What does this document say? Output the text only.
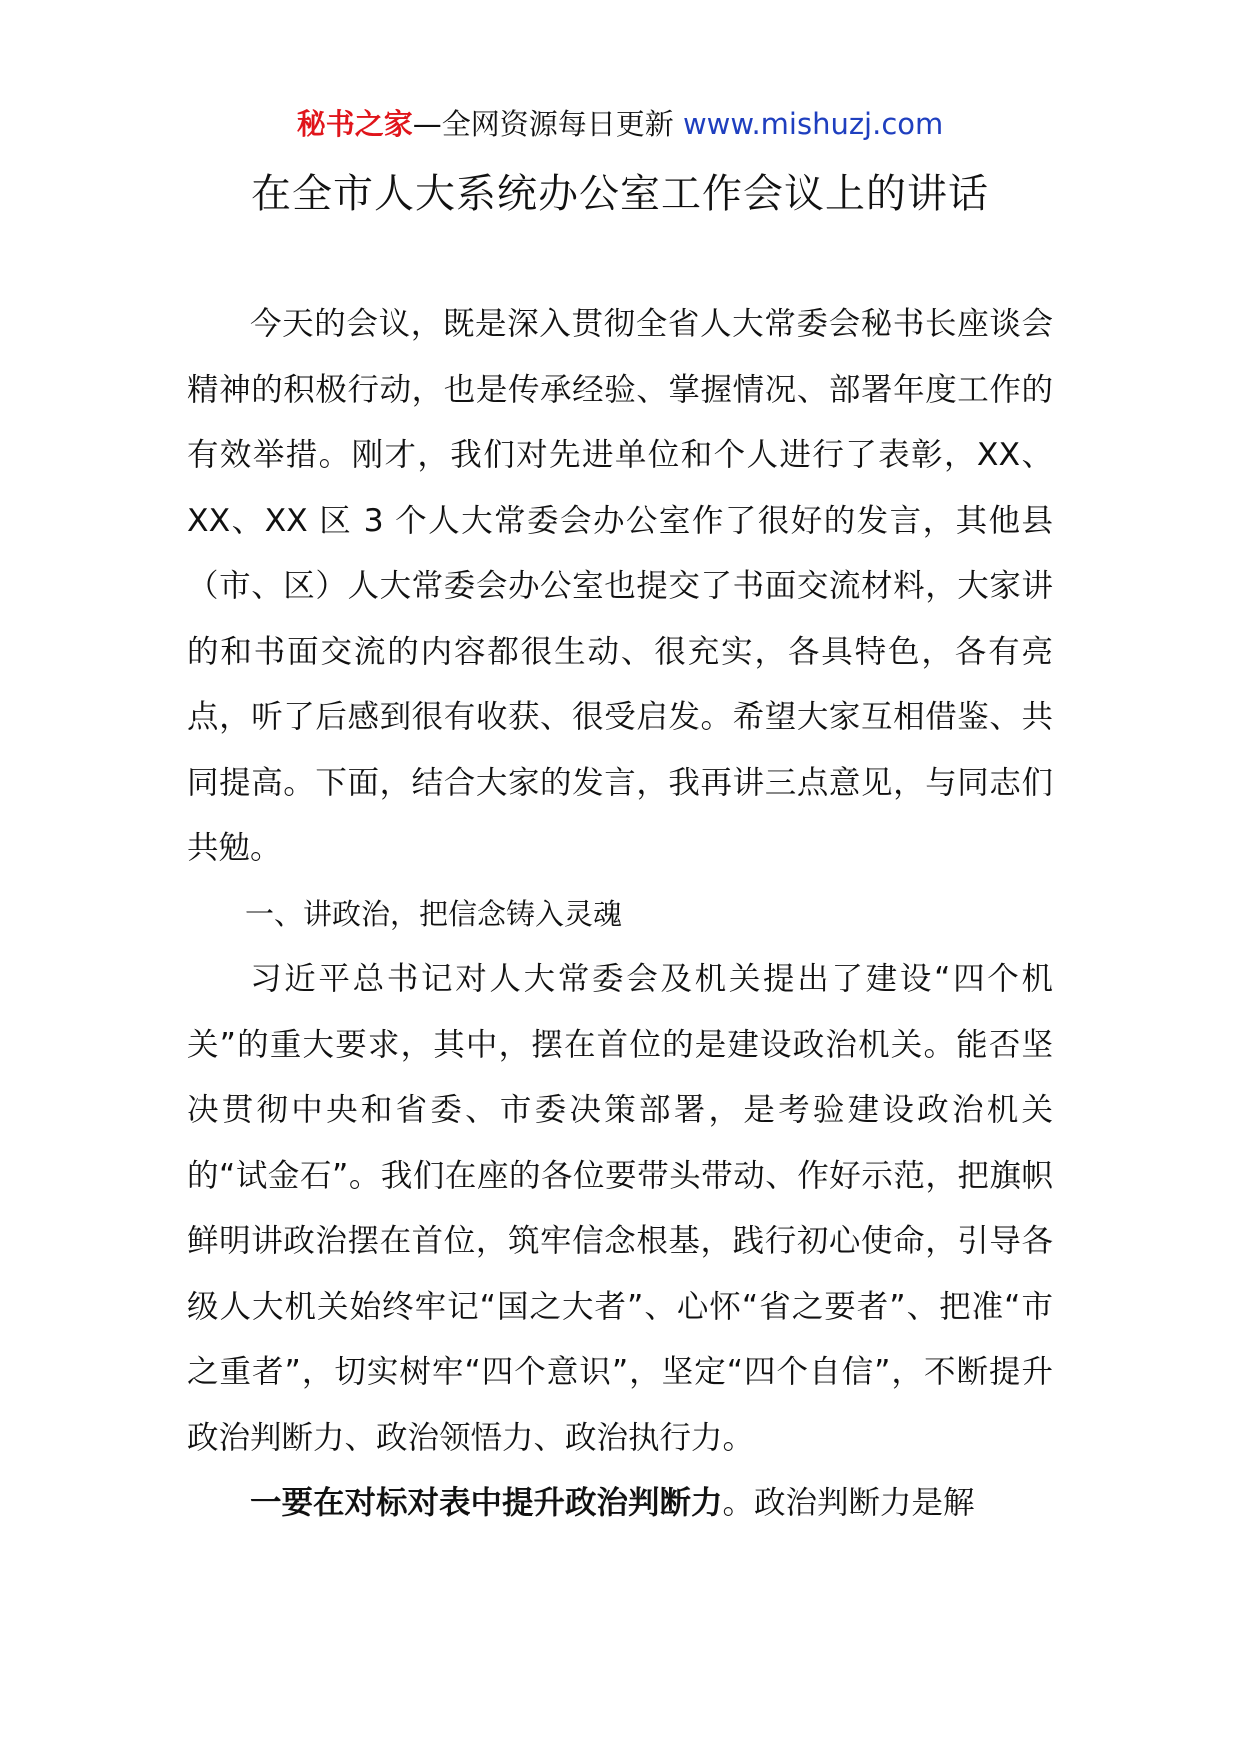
秘书之家—全网资源每日更新 www.mishuzj.com
在全市人大系统办公室工作会议上的讲话

今天的会议，既是深入贯彻全省人大常委会秘书长座谈会精神的积极行动，也是传承经验、掌握情况、部署年度工作的有效举措。刚才，我们对先进单位和个人进行了表彰，XX、XX、XX 区 3 个人大常委会办公室作了很好的发言，其他县（市、区）人大常委会办公室也提交了书面交流材料，大家讲的和书面交流的内容都很生动、很充实，各具特色，各有亮点，听了后感到很有收获、很受启发。希望大家互相借鉴、共同提高。下面，结合大家的发言，我再讲三点意见，与同志们共勉。

一、讲政治，把信念铸入灵魂

习近平总书记对人大常委会及机关提出了建设“四个机关”的重大要求，其中，摆在首位的是建设政治机关。能否坚决贯彻中央和省委、市委决策部署，是考验建设政治机关的“试金石”。我们在座的各位要带头带动、作好示范，把旗帜鲜明讲政治摆在首位，筑牢信念根基，践行初心使命，引导各级人大机关始终牢记“国之大者”、心怀“省之要者”、把准“市之重者”，切实树牢“四个意识”，坚定“四个自信”，不断提升政治判断力、政治领悟力、政治执行力。

一要在对标对表中提升政治判断力。政治判断力是解
